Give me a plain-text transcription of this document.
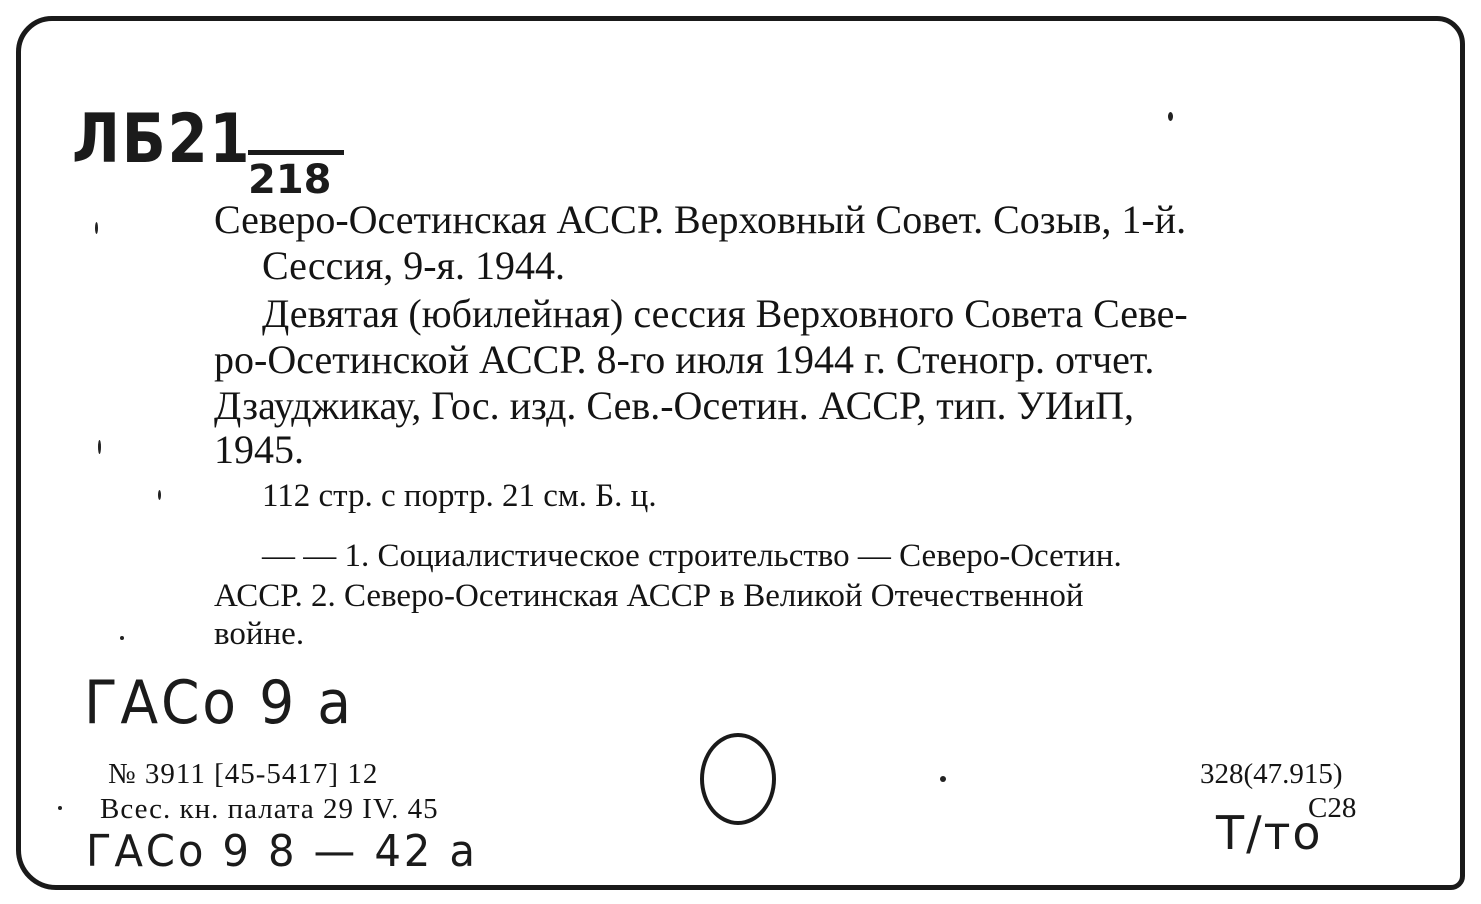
ЛБ21
218
Северо-Осетинская АССР. Верховный Совет. Созыв, 1-й.
Сессия, 9-я. 1944.
Девятая (юбилейная) сессия Верховного Совета Севе-
ро-Осетинской АССР. 8-го июля 1944 г. Стеногр. отчет.
Дзауджикау, Гос. изд. Сев.-Осетин. АССР, тип. УИиП,
1945.
112 стр. с портр. 21 см. Б. ц.
— — 1. Социалистическое строительство — Северо-Осетин.
АССР. 2. Северо-Осетинская АССР в Великой Отечественной
войне.
ГАСо 9 а
№ 3911 [45-5417] 12
Всес. кн. палата 29 IV. 45
ГАСо 9 8 — 42 а
328(47.915)
С28
Т/то
